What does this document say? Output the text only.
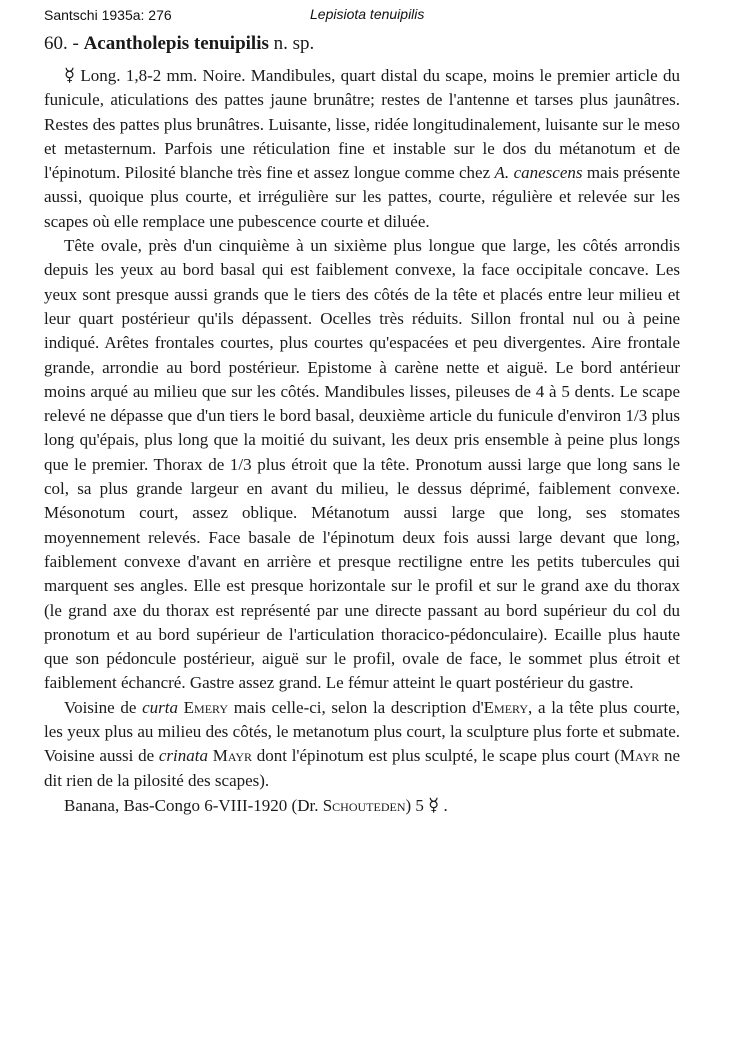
Santschi 1935a: 276	Lepisiota tenuipilis
60. - Acantholepis tenuipilis n. sp.

☿ Long. 1,8-2 mm. Noire. Mandibules, quart distal du scape, moins le premier article du funicule, aticulations des pattes jaune brunâtre; restes de l'antenne et tarses plus jaunâtres. Restes des pattes plus brunâtres. Luisante, lisse, ridée longitudinalement, luisante sur le meso et metasternum. Parfois une réticulation fine et instable sur le dos du métanotum et de l'épinotum. Pilosité blanche très fine et assez longue comme chez A. canescens mais présente aussi, quoique plus courte, et irrégulière sur les pattes, courte, régulière et relevée sur les scapes où elle remplace une pubescence courte et diluée.

Tête ovale, près d'un cinquième à un sixième plus longue que large, les côtés arrondis depuis les yeux au bord basal qui est faiblement convexe, la face occipitale concave. Les yeux sont presque aussi grands que le tiers des côtés de la tête et placés entre leur milieu et leur quart postérieur qu'ils dépassent. Ocelles très réduits. Sillon frontal nul ou à peine indiqué. Arêtes frontales courtes, plus courtes qu'espacées et peu divergentes. Aire frontale grande, arrondie au bord postérieur. Epistome à carène nette et aiguë. Le bord antérieur moins arqué au milieu que sur les côtés. Mandibules lisses, pileuses de 4 à 5 dents. Le scape relevé ne dépasse que d'un tiers le bord basal, deuxième article du funicule d'environ 1/3 plus long qu'épais, plus long que la moitié du suivant, les deux pris ensemble à peine plus longs que le premier. Thorax de 1/3 plus étroit que la tête. Pronotum aussi large que long sans le col, sa plus grande largeur en avant du milieu, le dessus déprimé, faiblement convexe. Mésonotum court, assez oblique. Métanotum aussi large que long, ses stomates moyennement relevés. Face basale de l'épinotum deux fois aussi large devant que long, faiblement convexe d'avant en arrière et presque rectiligne entre les petits tubercules qui marquent ses angles. Elle est presque horizontale sur le profil et sur le grand axe du thorax (le grand axe du thorax est représenté par une directe passant au bord supérieur du col du pronotum et au bord supérieur de l'articulation thoracico-pédonculaire). Ecaille plus haute que son pédoncule postérieur, aiguë sur le profil, ovale de face, le sommet plus étroit et faiblement échancré. Gastre assez grand. Le fémur atteint le quart postérieur du gastre.

Voisine de curta Emery mais celle-ci, selon la description d'Emery, a la tête plus courte, les yeux plus au milieu des côtés, le metanotum plus court, la sculpture plus forte et submate. Voisine aussi de crinata Mayr dont l'épinotum est plus sculpté, le scape plus court (Mayr ne dit rien de la pilosité des scapes).

Banana, Bas-Congo 6-VIII-1920 (Dr. Schouteden) 5 ☿ .
